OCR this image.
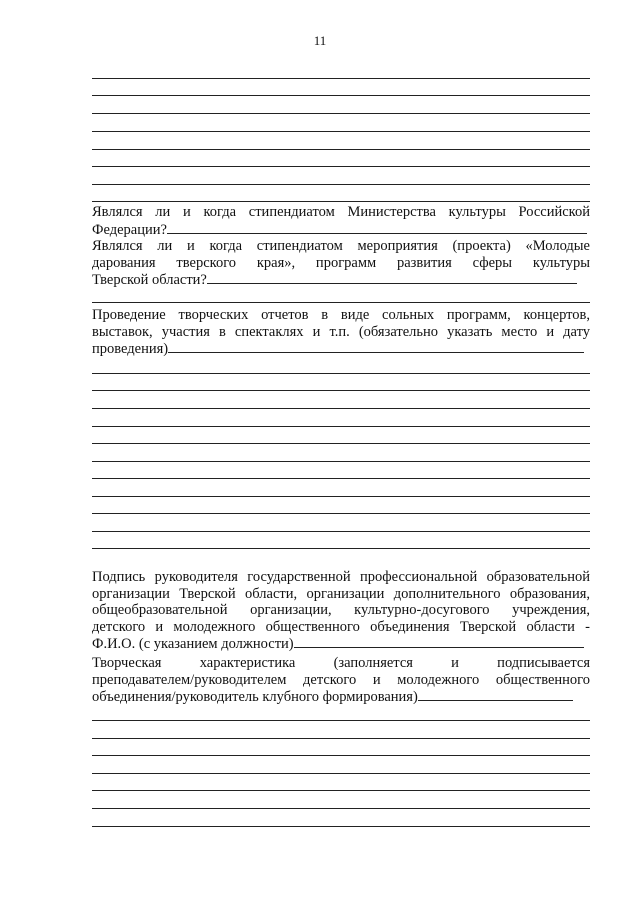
11
Являлся ли и когда стипендиатом Министерства культуры Российской
Федерации?
Являлся ли и когда стипендиатом мероприятия (проекта) «Молодые
дарования тверского края», программ развития сферы культуры
Тверской области?
Проведение творческих отчетов в виде сольных программ, концертов,
выставок, участия в спектаклях и т.п. (обязательно указать место и дату
проведения)
Подпись руководителя государственной профессиональной образовательной
организации Тверской области, организации дополнительного образования,
общеобразовательной организации, культурно-досугового учреждения,
детского и молодежного общественного объединения Тверской области -
Ф.И.О. (с указанием должности)
Творческая характеристика (заполняется и подписывается
преподавателем/руководителем детского и молодежного общественного
объединения/руководитель клубного формирования)
